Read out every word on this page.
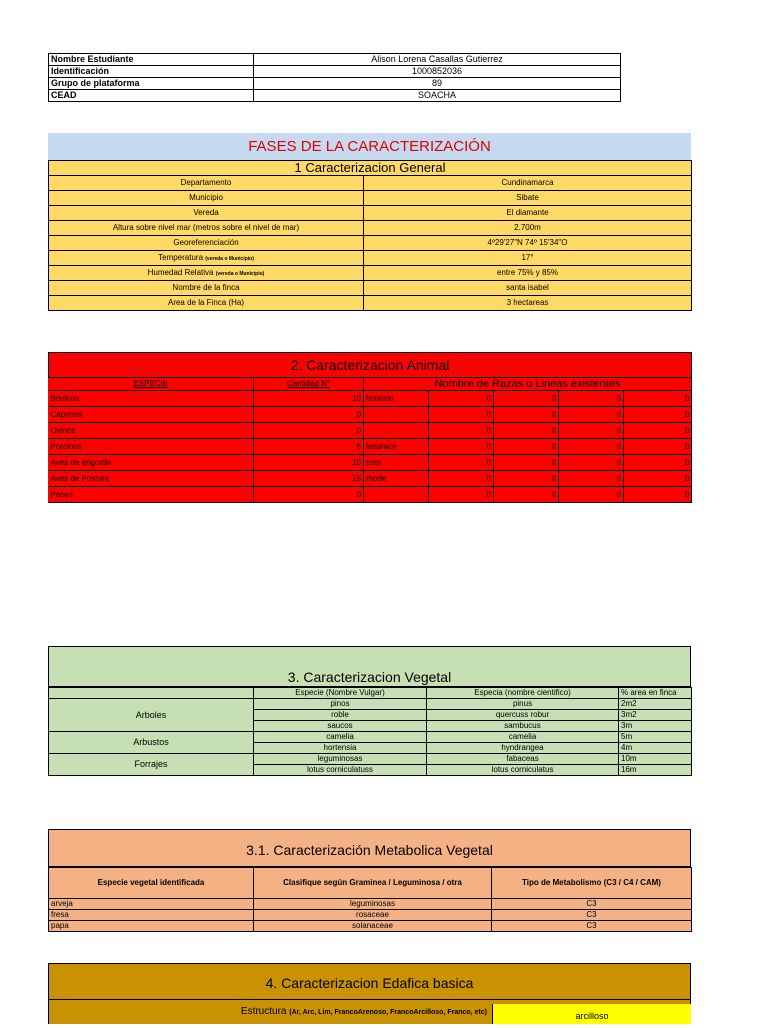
Nombre Estudiante	Alison Lorena Casallas Gutierrez
Identificación	1000852036
Grupo de plataforma	89
CEAD	SOACHA
FASES DE LA CARACTERIZACIÓN
1 Caracterizacion General	
Departamento	Cundinamarca
Municipio	Sibate
Vereda	El diamante
Altura sobre nivel mar (metros sobre el nivel de mar)	2.700m
Georeferenciación	4º29'27"N 74º 15'34"O
Temperatura (vereda o Municipio)	17°
Humedad Relativa (vereda o Municipio)	entre 75% y 85%
Nombre de la finca	santa isabel
Area de la Finca (Ha)	3 hectareas
2. Caracterizacion Animal						
ESPECIE	Cantidad N°	Nombre de Razas o Lineas existentes				
Bovinos	10	holstein	0	0	0	0
Caprinos	0		0	0	0	0
Ovinos	0		0	0	0	0
Porcinos	6	landrace	0	0	0	0
Aves de engorde	10	ross	0	0	0	0
Aves de Postura	15	rhode	0	0	0	0
Peces	0		0	0	0	0
3. Caracterizacion Vegetal
	Especie (Nombre Vulgar)	Especia (nombre cientifico)	% area en finca
Arboles	pinos	pinus	2m2
	roble	quercuss robur	3m2
	saucos	sambucus	3m
Arbustos	camelia	camelia	5m
	hortensia	hyndrangea	4m
Forrajes	leguminosas	fabaceas	10m
	lotus corniculatuss	lotus corniculatus	16m
3.1. Caracterización Metabolica Vegetal
Especie vegetal identificada	Clasifique según Graminea / Leguminosa / otra	Tipo de Metabolismo (C3 / C4 / CAM)
arveja	leguminosas	C3
fresa	rosaceae	C3
papa	solanaceae	C3
4. Caracterizacion Edafica basica
Estructura (Ar, Arc, Lim, FrancoArenoso, FrancoArcilloso, Franco, etc)	arcilloso
